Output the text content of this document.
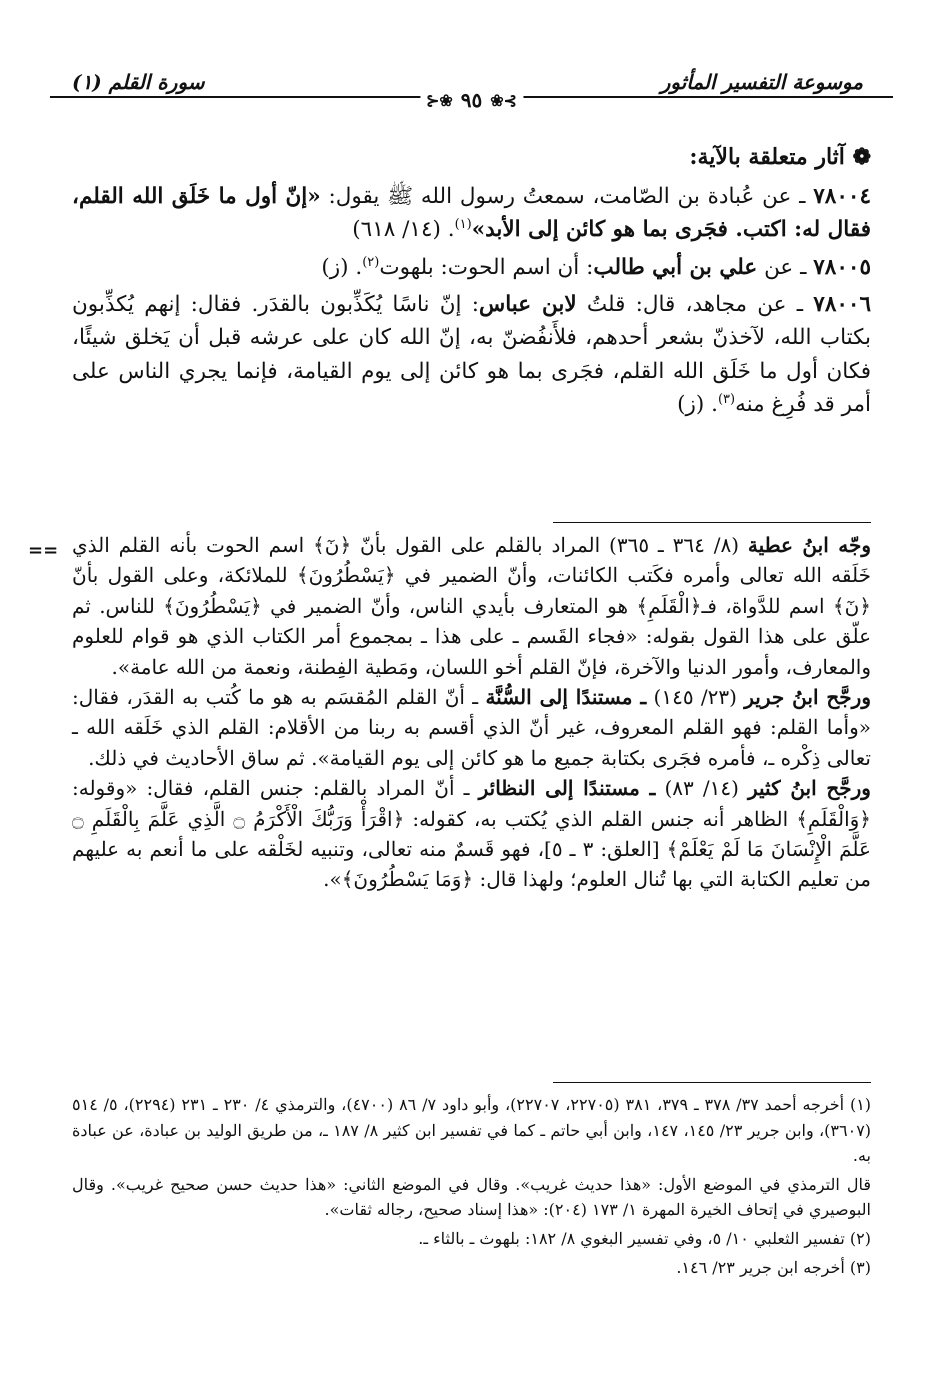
موسوعة التفسير المأثور
سورة القلم (١)
⊱❀
٩٥
❀⊰
❁ آثار متعلقة بالآية:

٧٨٠٠٤ ـ عن عُبادة بن الصّامت، سمعتُ رسول الله ﷺ يقول: «إنّ أول ما خَلَق الله القلم، فقال له: اكتب. فجَرى بما هو كائن إلى الأبد»$^{(١)}$. (١٤/ ٦١٨)

٧٨٠٠٥ ـ عن علي بن أبي طالب: أن اسم الحوت: بلهوت$^{(٢)}$. (ز)

٧٨٠٠٦ ـ عن مجاهد، قال: قلتُ لابن عباس: إنّ ناسًا يُكَذِّبون بالقدَر. فقال: إنهم يُكذِّبون بكتاب الله، لآخذنّ بشعر أحدهم، فلأَنفُضنّ به، إنّ الله كان على عرشه قبل أن يَخلق شيئًا، فكان أول ما خَلَق الله القلم، فجَرى بما هو كائن إلى يوم القيامة، فإنما يجري الناس على أمر قد فُرِغ منه$^{(٣)}$. (ز)

==	وجّه ابنُ عطية (٨/ ٣٦٤ ـ ٣٦٥) المراد بالقلم على القول بأنّ ﴿نٓ﴾ اسم الحوت بأنه القلم الذي خَلَقه الله تعالى وأمره فكَتب الكائنات، وأنّ الضمير في ﴿يَسْطُرُونَ﴾ للملائكة، وعلى القول بأنّ ﴿نٓ﴾ اسم للدَّواة، فـ﴿الْقَلَمِ﴾ هو المتعارف بأيدي الناس، وأنّ الضمير في ﴿يَسْطُرُونَ﴾ للناس. ثم علّق على هذا القول بقوله: «فجاء القَسم ـ على هذا ـ بمجموع أمر الكتاب الذي هو قوام للعلوم والمعارف، وأمور الدنيا والآخرة، فإنّ القلم أخو اللسان، ومَطية الفِطنة، ونعمة من الله عامة».

ورجَّح ابنُ جرير (٢٣/ ١٤٥) ـ مستندًا إلى السُّنَّة ـ أنّ القلم المُقسَم به هو ما كُتب به القدَر، فقال: «وأما القلم: فهو القلم المعروف، غير أنّ الذي أقسم به ربنا من الأقلام: القلم الذي خَلَقه الله ـ تعالى ذِكْره ـ، فأمره فجَرى بكتابة جميع ما هو كائن إلى يوم القيامة». ثم ساق الأحاديث في ذلك.

ورجَّح ابنُ كثير (١٤/ ٨٣) ـ مستندًا إلى النظائر ـ أنّ المراد بالقلم: جنس القلم، فقال: «وقوله: ﴿وَالْقَلَمِ﴾ الظاهر أنه جنس القلم الذي يُكتب به، كقوله: ﴿اقْرَأْ وَرَبُّكَ الْأَكْرَمُ ۝ الَّذِي عَلَّمَ بِالْقَلَمِ ۝ عَلَّمَ الْإِنْسَانَ مَا لَمْ يَعْلَمْ﴾ [العلق: ٣ ـ ٥]، فهو قَسمٌ منه تعالى، وتنبيه لخَلْقه على ما أنعم به عليهم من تعليم الكتابة التي بها تُنال العلوم؛ ولهذا قال: ﴿وَمَا يَسْطُرُونَ﴾».

(١) أخرجه أحمد ٣٧/ ٣٧٨ ـ ٣٧٩، ٣٨١ (٢٢٧٠٥، ٢٢٧٠٧)، وأبو داود ٧/ ٨٦ (٤٧٠٠)، والترمذي ٤/ ٢٣٠ ـ ٢٣١ (٢٢٩٤)، ٥/ ٥١٤ (٣٦٠٧)، وابن جرير ٢٣/ ١٤٥، ١٤٧، وابن أبي حاتم ـ كما في تفسير ابن كثير ٨/ ١٨٧ ـ، من طريق الوليد بن عبادة، عن عبادة به.

قال الترمذي في الموضع الأول: «هذا حديث غريب». وقال في الموضع الثاني: «هذا حديث حسن صحيح غريب». وقال البوصيري في إتحاف الخيرة المهرة ١/ ١٧٣ (٢٠٤): «هذا إسناد صحيح، رجاله ثقات».

(٢) تفسير الثعلبي ١٠/ ٥، وفي تفسير البغوي ٨/ ١٨٢: بلهوث ـ بالثاء ـ.

(٣) أخرجه ابن جرير ٢٣/ ١٤٦.
